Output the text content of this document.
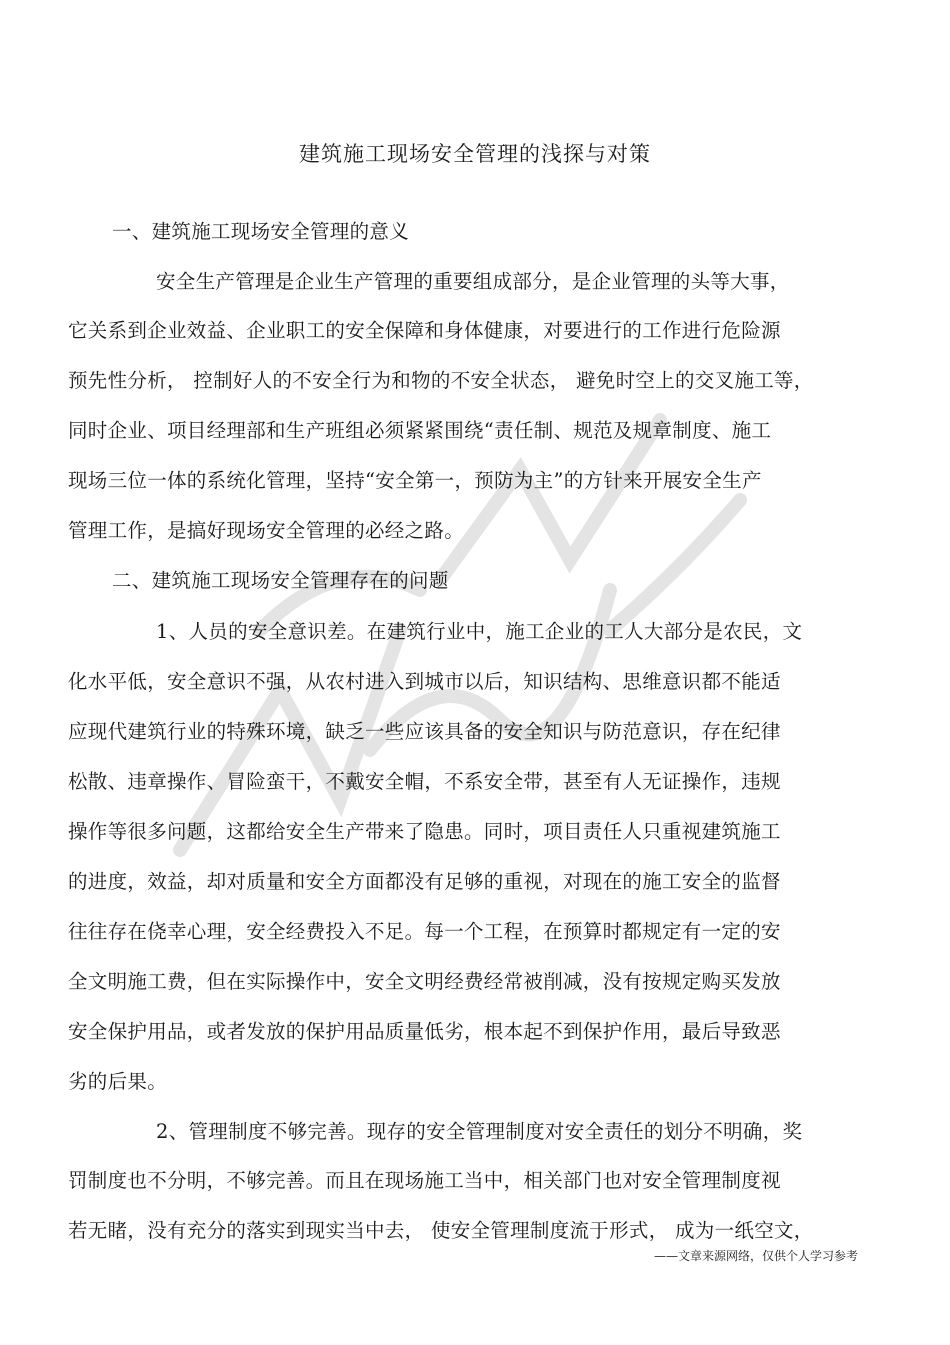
建筑施工现场安全管理的浅探与对策
一、建筑施工现场安全管理的意义
安全生产管理是企业生产管理的重要组成部分，是企业管理的头等大事，
它关系到企业效益、企业职工的安全保障和身体健康，对要进行的工作进行危险源
预先性分析， 控制好人的不安全行为和物的不安全状态， 避免时空上的交叉施工等，
同时企业、项目经理部和生产班组必须紧紧围绕“责任制、规范及规章制度、施工
现场三位一体的系统化管理，坚持“安全第一，预防为主”的方针来开展安全生产
管理工作，是搞好现场安全管理的必经之路。
二、建筑施工现场安全管理存在的问题
1、人员的安全意识差。在建筑行业中，施工企业的工人大部分是农民，文
化水平低，安全意识不强，从农村进入到城市以后，知识结构、思维意识都不能适
应现代建筑行业的特殊环境，缺乏一些应该具备的安全知识与防范意识，存在纪律
松散、违章操作、冒险蛮干，不戴安全帽，不系安全带，甚至有人无证操作，违规
操作等很多问题，这都给安全生产带来了隐患。同时，项目责任人只重视建筑施工
的进度，效益，却对质量和安全方面都没有足够的重视，对现在的施工安全的监督
往往存在侥幸心理，安全经费投入不足。每一个工程，在预算时都规定有一定的安
全文明施工费，但在实际操作中，安全文明经费经常被削减，没有按规定购买发放
安全保护用品，或者发放的保护用品质量低劣，根本起不到保护作用，最后导致恶
劣的后果。
2、管理制度不够完善。现存的安全管理制度对安全责任的划分不明确，奖
罚制度也不分明，不够完善。而且在现场施工当中，相关部门也对安全管理制度视
若无睹，没有充分的落实到现实当中去， 使安全管理制度流于形式， 成为一纸空文，
——文章来源网络，仅供个人学习参考
